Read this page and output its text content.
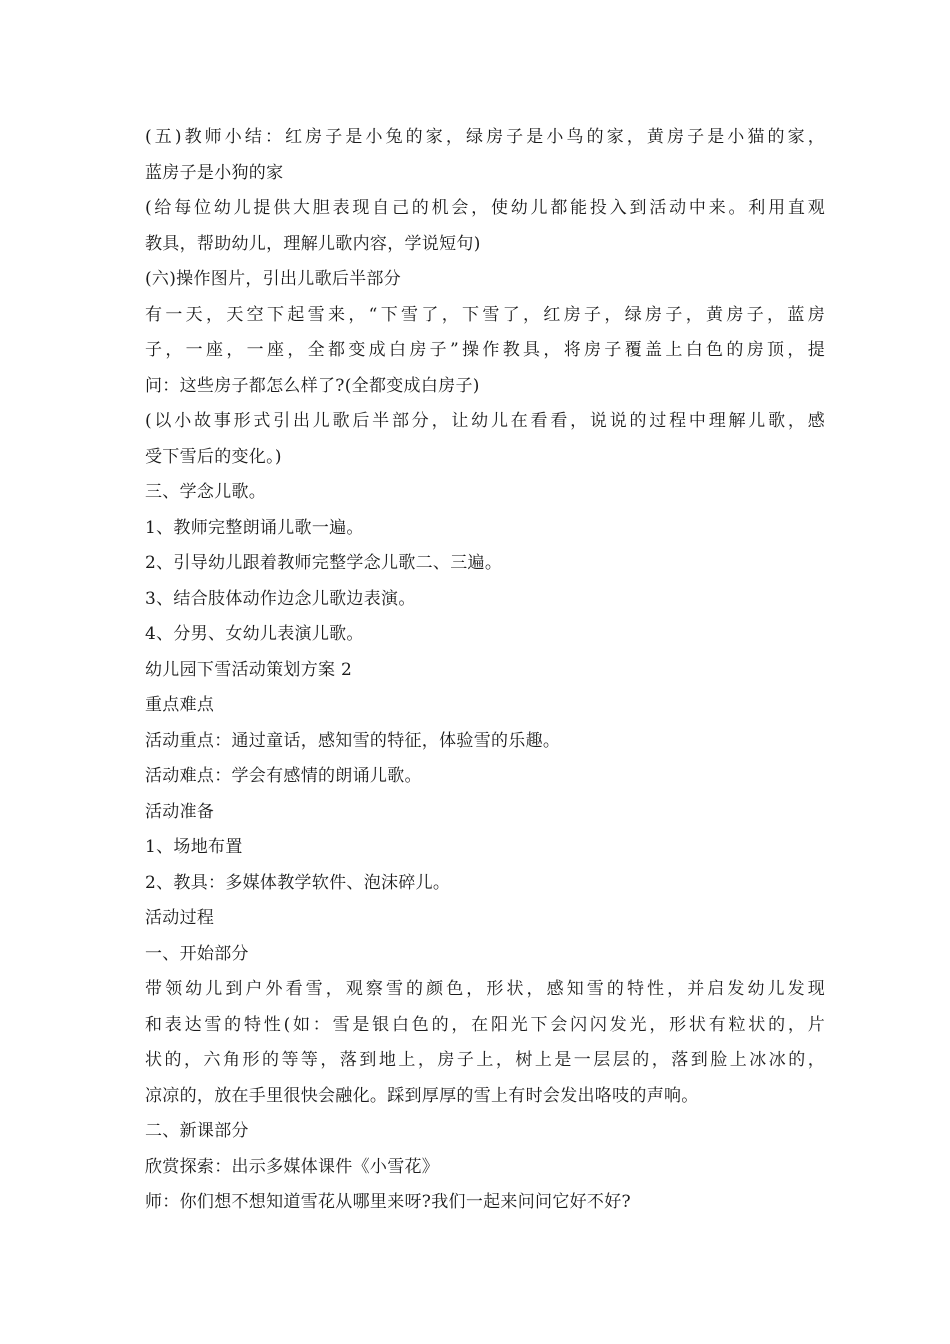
(五)教师小结：红房子是小兔的家，绿房子是小鸟的家，黄房子是小猫的家，
蓝房子是小狗的家
(给每位幼儿提供大胆表现自己的机会，使幼儿都能投入到活动中来。利用直观
教具，帮助幼儿，理解儿歌内容，学说短句)
(六)操作图片，引出儿歌后半部分
有一天，天空下起雪来，“下雪了，下雪了，红房子，绿房子，黄房子，蓝房
子，一座，一座，全都变成白房子”操作教具，将房子覆盖上白色的房顶，提
问：这些房子都怎么样了?(全都变成白房子)
(以小故事形式引出儿歌后半部分，让幼儿在看看，说说的过程中理解儿歌，感
受下雪后的变化。)
三、学念儿歌。
1、教师完整朗诵儿歌一遍。
2、引导幼儿跟着教师完整学念儿歌二、三遍。
3、结合肢体动作边念儿歌边表演。
4、分男、女幼儿表演儿歌。
幼儿园下雪活动策划方案 2
重点难点
活动重点：通过童话，感知雪的特征，体验雪的乐趣。
活动难点：学会有感情的朗诵儿歌。
活动准备
1、场地布置
2、教具：多媒体教学软件、泡沫碎儿。
活动过程
一、开始部分
带领幼儿到户外看雪，观察雪的颜色，形状，感知雪的特性，并启发幼儿发现
和表达雪的特性(如：雪是银白色的，在阳光下会闪闪发光，形状有粒状的，片
状的，六角形的等等，落到地上，房子上，树上是一层层的，落到脸上冰冰的，
凉凉的，放在手里很快会融化。踩到厚厚的雪上有时会发出咯吱的声响。
二、新课部分
欣赏探索：出示多媒体课件《小雪花》
师：你们想不想知道雪花从哪里来呀?我们一起来问问它好不好?
